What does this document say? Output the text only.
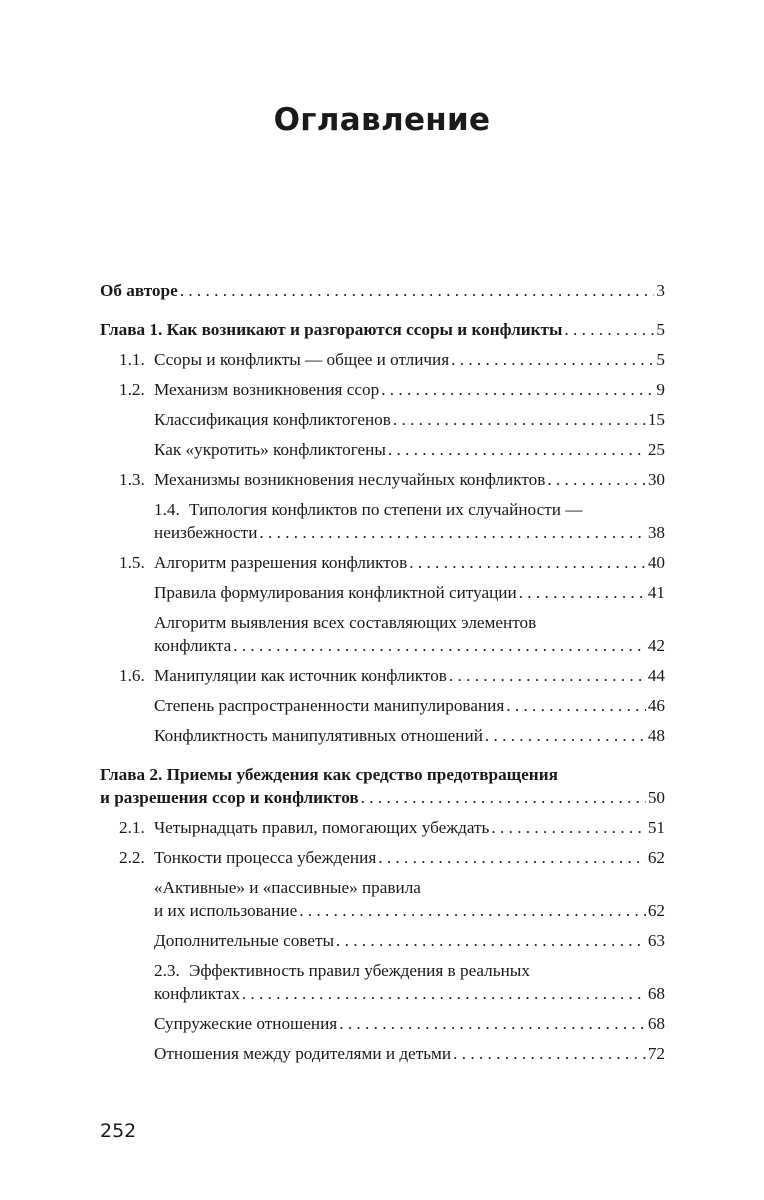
Оглавление
Об авторе . . .	3
Глава 1. Как возникают и разгораются ссоры и конфликты . . .	5
1.1. Ссоры и конфликты — общее и отличия . . .	5
1.2. Механизм возникновения ссор . . .	9
Классификация конфликтогенов . . .	15
Как «укротить» конфликтогены . . .	25
1.3. Механизмы возникновения неслучайных конфликтов . . .	30
1.4. Типология конфликтов по степени их случайности —
неизбежности . . .	38
1.5. Алгоритм разрешения конфликтов . . .	40
Правила формулирования конфликтной ситуации . . .	41
Алгоритм выявления всех составляющих элементов
конфликта . . .	42
1.6. Манипуляции как источник конфликтов . . .	44
Степень распространенности манипулирования . . .	46
Конфликтность манипулятивных отношений . . .	48
Глава 2. Приемы убеждения как средство предотвращения
и разрешения ссор и конфликтов . . .	50
2.1. Четырнадцать правил, помогающих убеждать . . .	51
2.2. Тонкости процесса убеждения . . .	62
«Активные» и «пассивные» правила
и их использование . . .	62
Дополнительные советы . . .	63
2.3. Эффективность правил убеждения в реальных
конфликтах . . .	68
Супружеские отношения . . .	68
Отношения между родителями и детьми . . .	72

252
